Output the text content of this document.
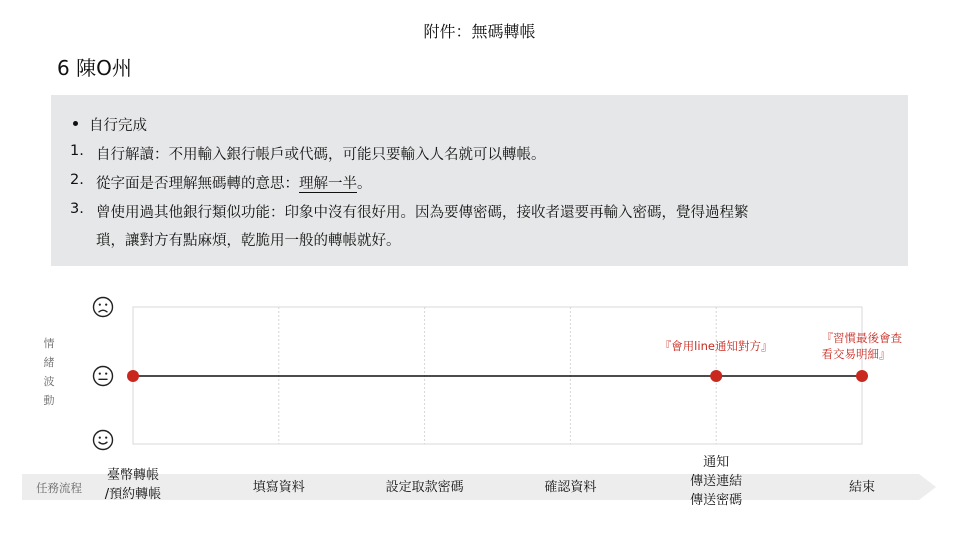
附件：無碼轉帳
6 陳O州
自行完成
1. 自行解讀：不用輸入銀行帳戶或代碼，可能只要輸入人名就可以轉帳。
2. 從字面是否理解無碼轉的意思：理解一半。
3. 曾使用過其他銀行類似功能：印象中沒有很好用。因為要傳密碼，接收者還要再輸入密碼，覺得過程繁
瑣，讓對方有點麻煩，乾脆用一般的轉帳就好。
情緒波動
『會用line通知對方』
『習慣最後會查
看交易明細』
任務流程
臺幣轉帳
/預約轉帳	填寫資料	設定取款密碼	確認資料
通知
傳送連結
傳送密碼
結束
